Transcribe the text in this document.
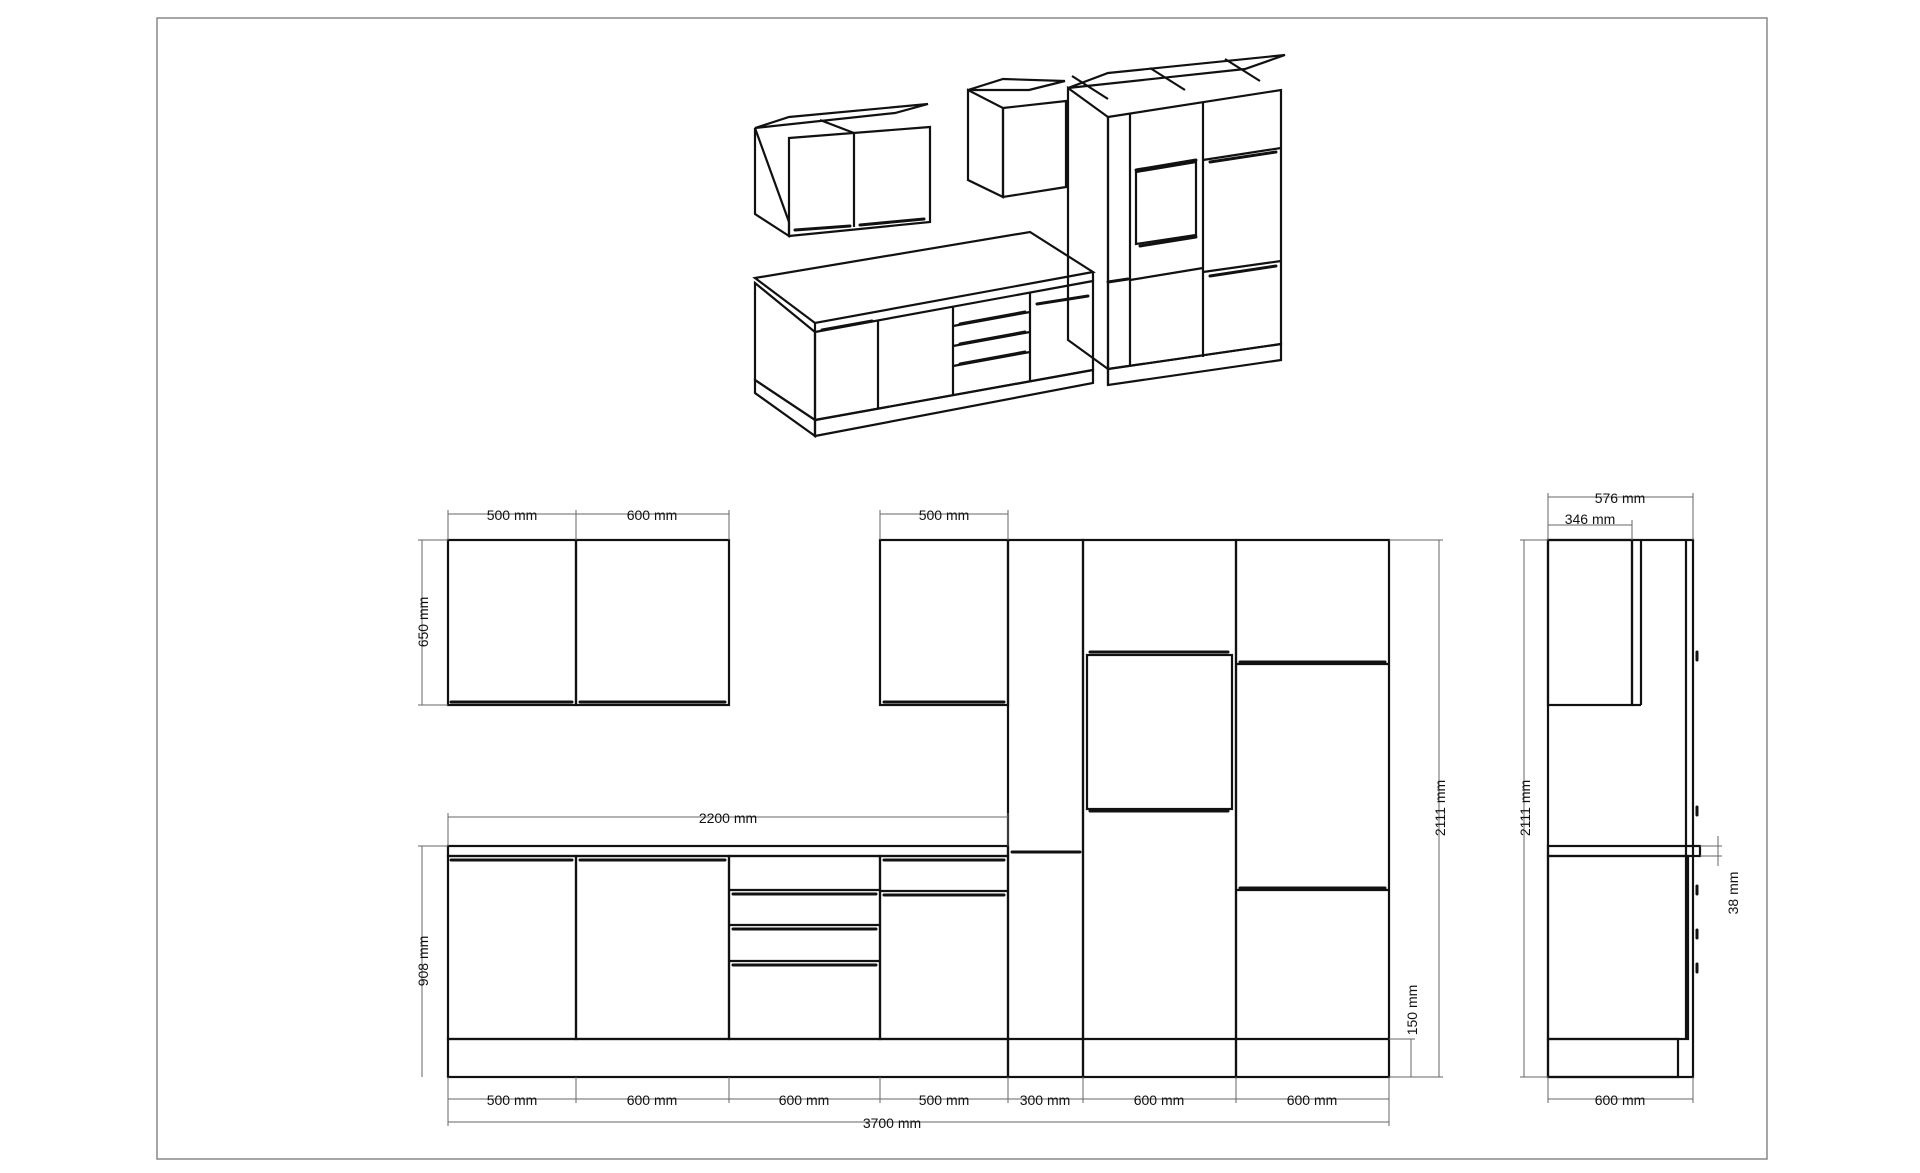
500 mm	600 mm	500 mm
650 mm
2200 mm
908 mm
2111 mm
150 mm
500 mm	600 mm	600 mm	500 mm	300 mm	600 mm	600 mm
3700 mm
576 mm
346 mm
2111 mm
38 mm
600 mm
